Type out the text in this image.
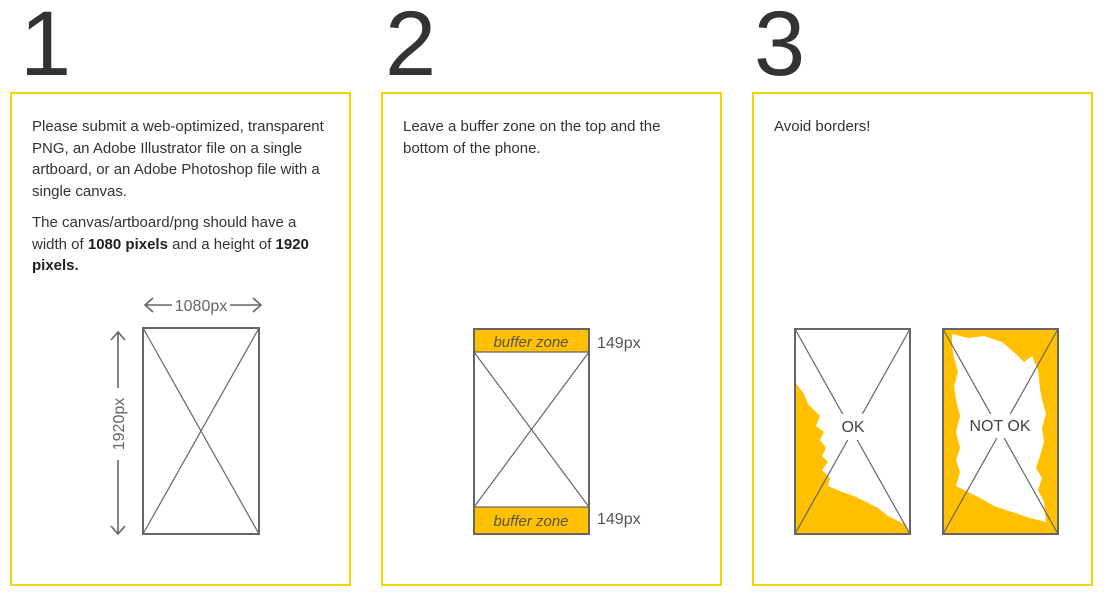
1

Please submit a web-optimized, transparent PNG, an Adobe Illustrator file on a single artboard, or an Adobe Photoshop file with a single canvas.

The canvas/artboard/png should have a width of 1080 pixels and a height of 1920 pixels.

1080px
1920px
2

Leave a buffer zone on the top and the bottom of the phone.

buffer zone
buffer zone
149px
149px
3

Avoid borders!

OK	NOT OK
